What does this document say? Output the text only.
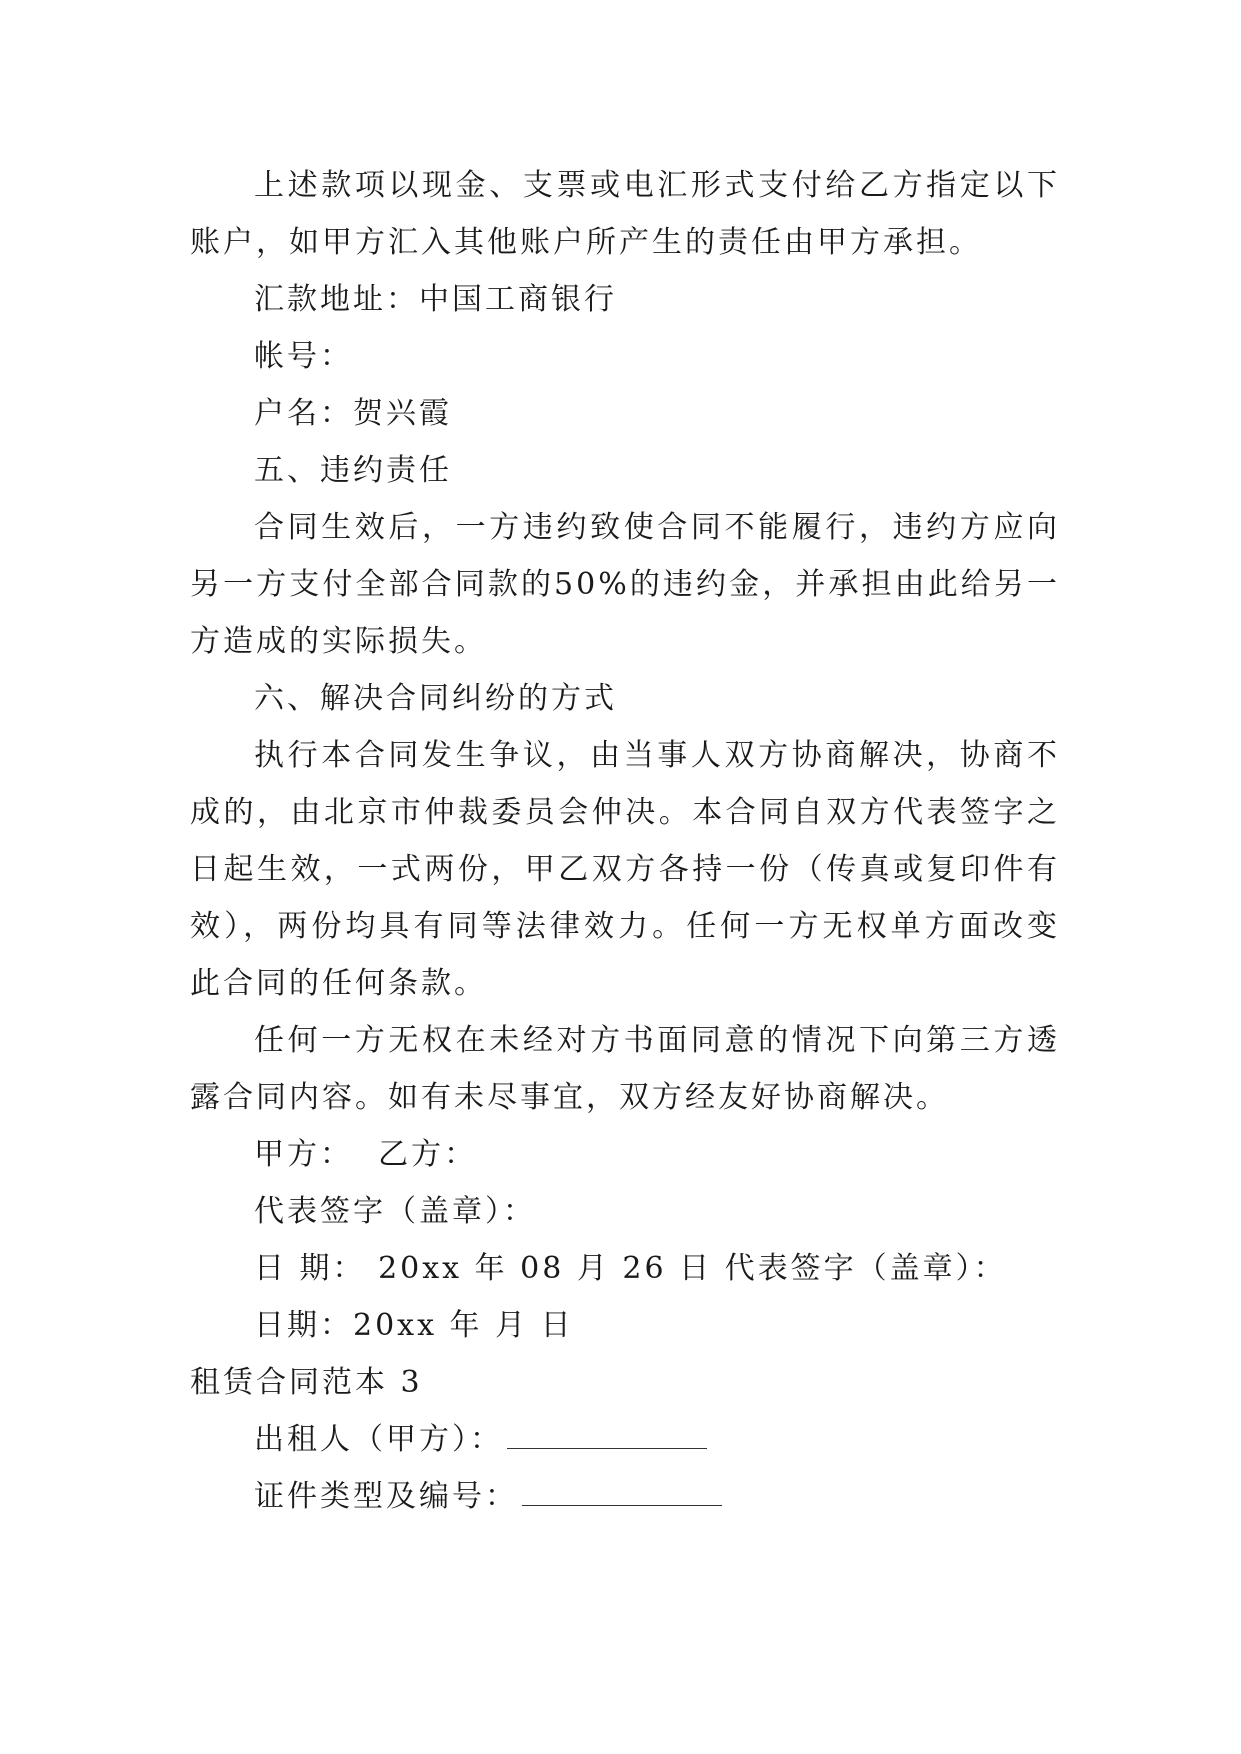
上述款项以现金、支票或电汇形式支付给乙方指定以下账户，如甲方汇入其他账户所产生的责任由甲方承担。

汇款地址：中国工商银行

帐号：

户名：贺兴霞

五、违约责任

合同生效后，一方违约致使合同不能履行，违约方应向另一方支付全部合同款的50%的违约金，并承担由此给另一方造成的实际损失。

六、解决合同纠纷的方式

执行本合同发生争议，由当事人双方协商解决，协商不成的，由北京市仲裁委员会仲决。本合同自双方代表签字之日起生效，一式两份，甲乙双方各持一份（传真或复印件有效），两份均具有同等法律效力。任何一方无权单方面改变此合同的任何条款。

任何一方无权在未经对方书面同意的情况下向第三方透露合同内容。如有未尽事宜，双方经友好协商解决。

甲方：  乙方：

代表签字（盖章）：

日 期： 20xx 年 08 月 26 日 代表签字（盖章）：

日期：20xx 年 月 日

租赁合同范本 3

出租人（甲方）：

证件类型及编号：
